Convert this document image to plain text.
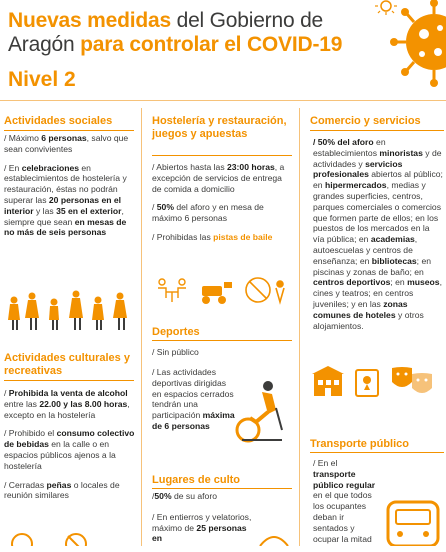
Nuevas medidas del Gobierno de
Aragón para controlar el COVID-19
Nivel 2
Actividades sociales

/ Máximo 6 personas, salvo que sean convivientes

/ En celebraciones en establecimientos de hostelería y restauración, éstas no podrán superar las 20 personas en el interior y las 35 en el exterior, siempre que sean en mesas de no más de seis personas

Actividades culturales y recreativas

/ Prohibida la venta de alcohol entre las 22.00 y las 8.00 horas, excepto en la hostelería

/ Prohibido el consumo colectivo de bebidas en la calle o en espacios públicos ajenos a la hostelería

/ Cerradas peñas o locales de reunión similares

Hostelería y restauración, juegos y apuestas

/ Abiertos hasta las 23:00 horas, a excepción de servicios de entrega de comida a domicilio

/ 50% del aforo y en mesa de máximo 6 personas

/ Prohibidas las pistas de baile

Deportes

/ Sin público

/ Las actividades deportivas dirigidas en espacios cerrados tendrán una participación máxima de 6 personas

Lugares de culto

/50% de su aforo

/ En entierros y velatorios, máximo de 25 personas en

Comercio y servicios

/ 50% del aforo en establecimientos minoristas y de actividades y servicios profesionales abiertos al público; en hipermercados, medias y grandes superficies, centros, parques comerciales o comercios que formen parte de ellos; en los puestos de los mercados en la vía pública; en academias, autoescuelas y centros de enseñanza; en bibliotecas; en piscinas y zonas de baño; en centros deportivos; en museos, cines y teatros; en centros juveniles; y en las zonas comunes de hoteles y otros alojamientos.

Transporte público

/ En el transporte público regular en el que todos los ocupantes deban ir sentados y ocupar la mitad
